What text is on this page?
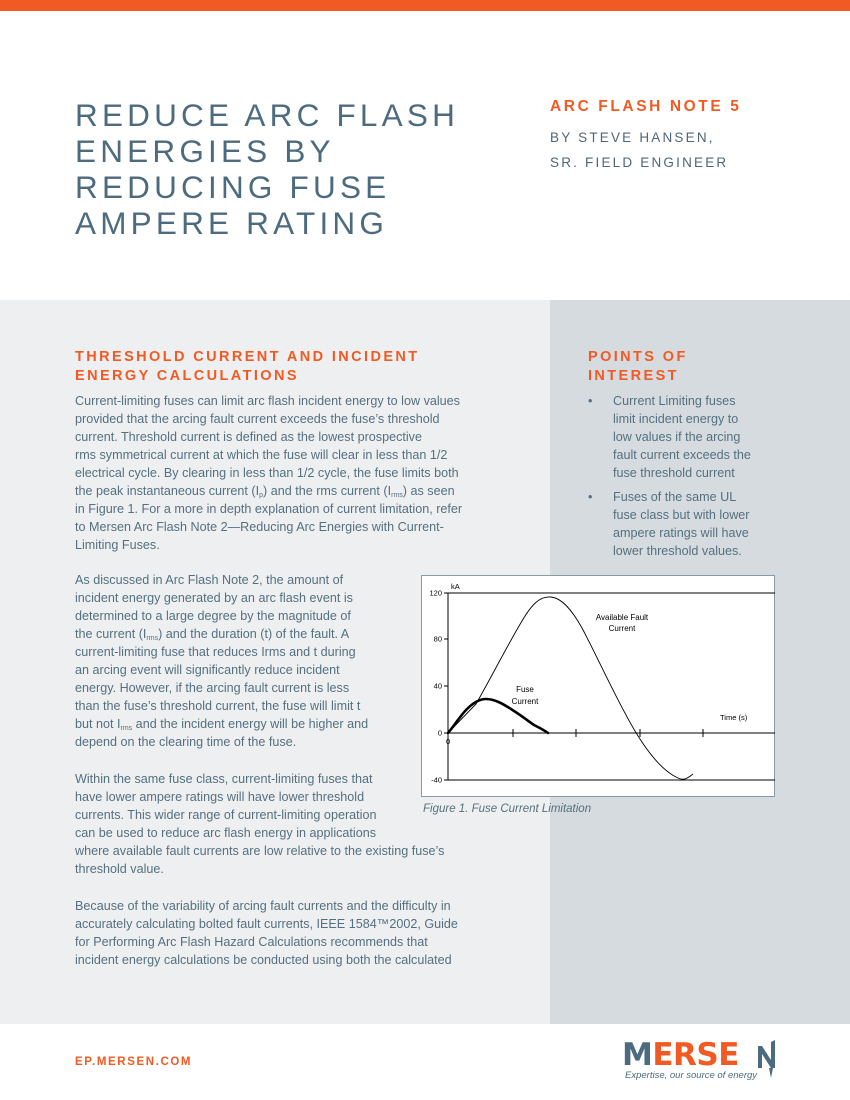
REDUCE ARC FLASH
ENERGIES BY
REDUCING FUSE
AMPERE RATING
ARC FLASH NOTE 5
BY STEVE HANSEN,
SR. FIELD ENGINEER
THRESHOLD CURRENT AND INCIDENT
ENERGY CALCULATIONS
Current-limiting fuses can limit arc flash incident energy to low values
provided that the arcing fault current exceeds the fuse’s threshold
current. Threshold current is defined as the lowest prospective
rms symmetrical current at which the fuse will clear in less than 1/2
electrical cycle. By clearing in less than 1/2 cycle, the fuse limits both
the peak instantaneous current $(I_p)$ and the rms current $(I_{rms})$ as seen
in Figure 1. For a more in depth explanation of current limitation, refer
to Mersen Arc Flash Note 2—Reducing Arc Energies with Current-
Limiting Fuses.
As discussed in Arc Flash Note 2, the amount of
incident energy generated by an arc flash event is
determined to a large degree by the magnitude of
the current $(I_{rms})$ and the duration (t) of the fault. A
current-limiting fuse that reduces Irms and t during
an arcing event will significantly reduce incident
energy. However, if the arcing fault current is less
than the fuse’s threshold current, the fuse will limit t
but not $I_{rms}$ and the incident energy will be higher and
depend on the clearing time of the fuse.
Within the same fuse class, current-limiting fuses that
have lower ampere ratings will have lower threshold
currents. This wider range of current-limiting operation
can be used to reduce arc flash energy in applications
where available fault currents are low relative to the existing fuse’s
threshold value.
Because of the variability of arcing fault currents and the difficulty in
accurately calculating bolted fault currents, IEEE 1584™2002, Guide
for Performing Arc Flash Hazard Calculations recommends that
incident energy calculations be conducted using both the calculated
POINTS OF
INTEREST
• Current Limiting fuses
limit incident energy to
low values if the arcing
fault current exceeds the
fuse threshold current
• Fuses of the same UL
fuse class but with lower
ampere ratings will have
lower threshold values.
120
80
40
0
-40
kA
0
Time (s)
Available Fault
Current
Fuse
Current
Figure 1. Fuse Current Limitation
EP.MERSEN.COM	MERSE
Expertise, our source of energy
